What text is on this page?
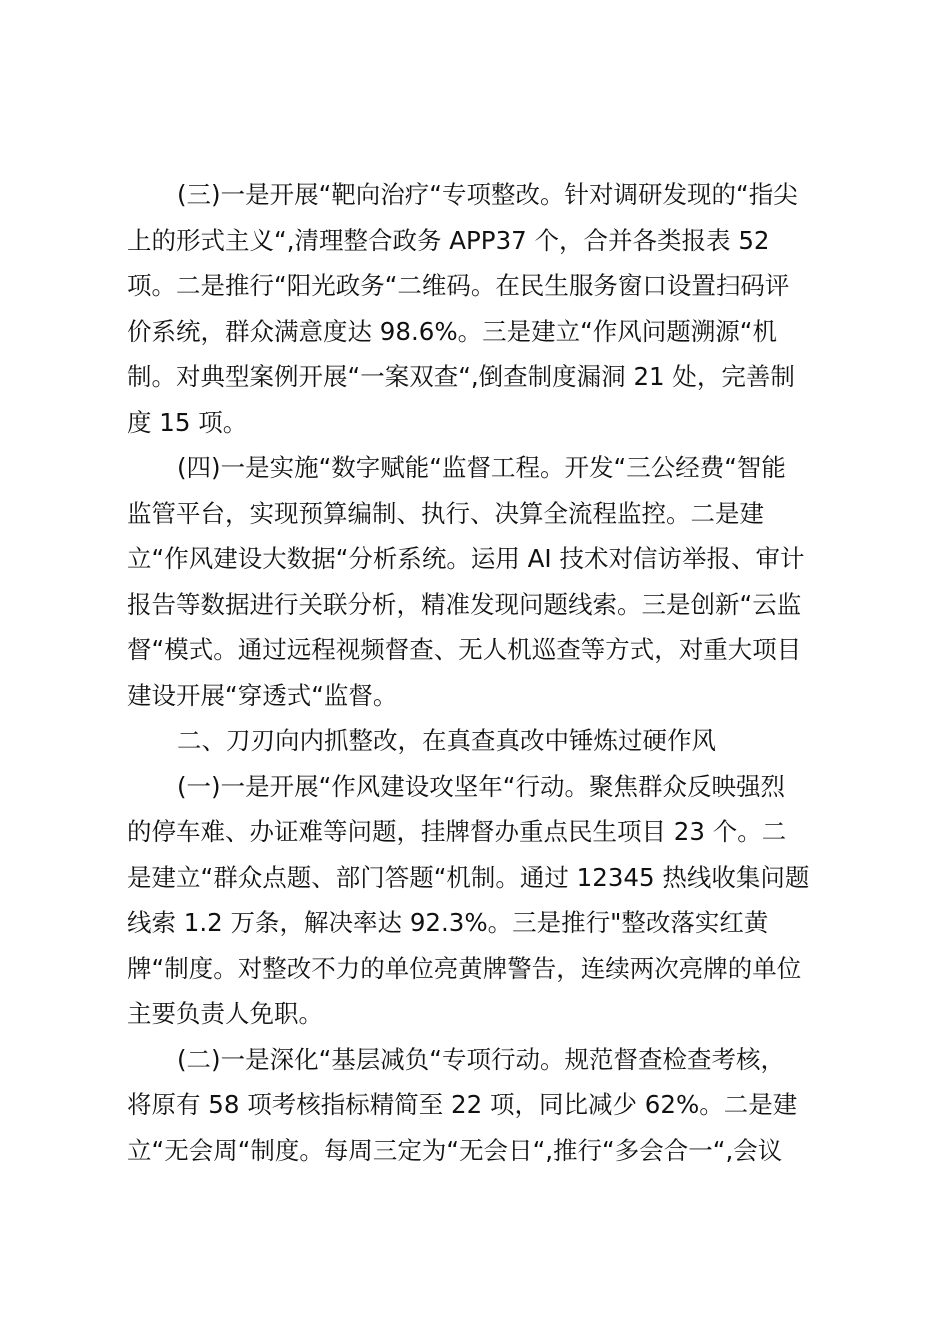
(三)一是开展“靶向治疗“专项整改。针对调研发现的“指尖
上的形式主义“,清理整合政务 APP37 个，合并各类报表 52
项。二是推行“阳光政务“二维码。在民生服务窗口设置扫码评
价系统，群众满意度达 98.6%。三是建立“作风问题溯源“机
制。对典型案例开展“一案双查“,倒查制度漏洞 21 处，完善制
度 15 项。
(四)一是实施“数字赋能“监督工程。开发“三公经费“智能
监管平台，实现预算编制、执行、决算全流程监控。二是建
立“作风建设大数据“分析系统。运用 AI 技术对信访举报、审计
报告等数据进行关联分析，精准发现问题线索。三是创新“云监
督“模式。通过远程视频督查、无人机巡查等方式，对重大项目
建设开展“穿透式“监督。
二、刀刃向内抓整改，在真查真改中锤炼过硬作风
(一)一是开展“作风建设攻坚年“行动。聚焦群众反映强烈
的停车难、办证难等问题，挂牌督办重点民生项目 23 个。二
是建立“群众点题、部门答题“机制。通过 12345 热线收集问题
线索 1.2 万条，解决率达 92.3%。三是推行"整改落实红黄
牌“制度。对整改不力的单位亮黄牌警告，连续两次亮牌的单位
主要负责人免职。
(二)一是深化“基层减负“专项行动。规范督查检查考核，
将原有 58 项考核指标精简至 22 项，同比减少 62%。二是建
立“无会周“制度。每周三定为“无会日“,推行“多会合一“,会议
